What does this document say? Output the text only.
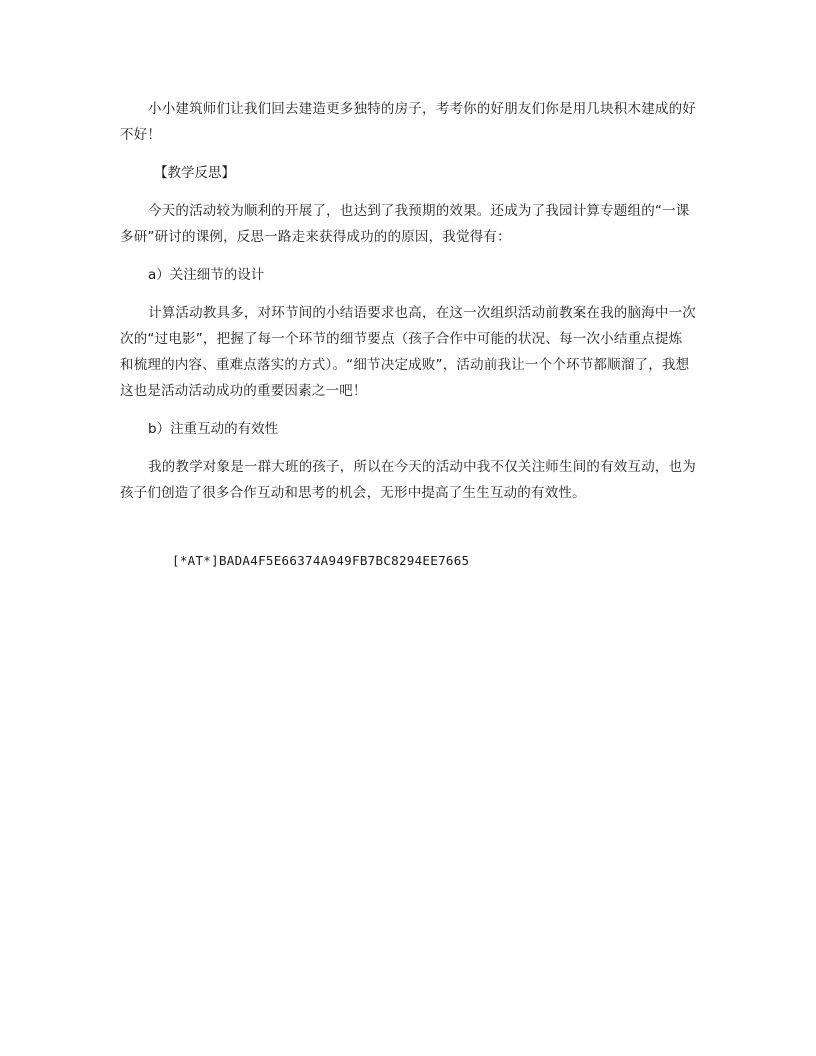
小小建筑师们让我们回去建造更多独特的房子，考考你的好朋友们你是用几块积木建成的好不好！

【教学反思】

今天的活动较为顺利的开展了，也达到了我预期的效果。还成为了我园计算专题组的“一课多研”研讨的课例，反思一路走来获得成功的的原因，我觉得有：

a）关注细节的设计

计算活动教具多，对环节间的小结语要求也高，在这一次组织活动前教案在我的脑海中一次次的“过电影”，把握了每一个环节的细节要点（孩子合作中可能的状况、每一次小结重点提炼和梳理的内容、重难点落实的方式）。“细节决定成败”，活动前我让一个个环节都顺溜了，我想这也是活动活动成功的重要因素之一吧！

b）注重互动的有效性

我的教学对象是一群大班的孩子，所以在今天的活动中我不仅关注师生间的有效互动，也为孩子们创造了很多合作互动和思考的机会，无形中提高了生生互动的有效性。

[*AT*]BADA4F5E66374A949FB7BC8294EE7665
